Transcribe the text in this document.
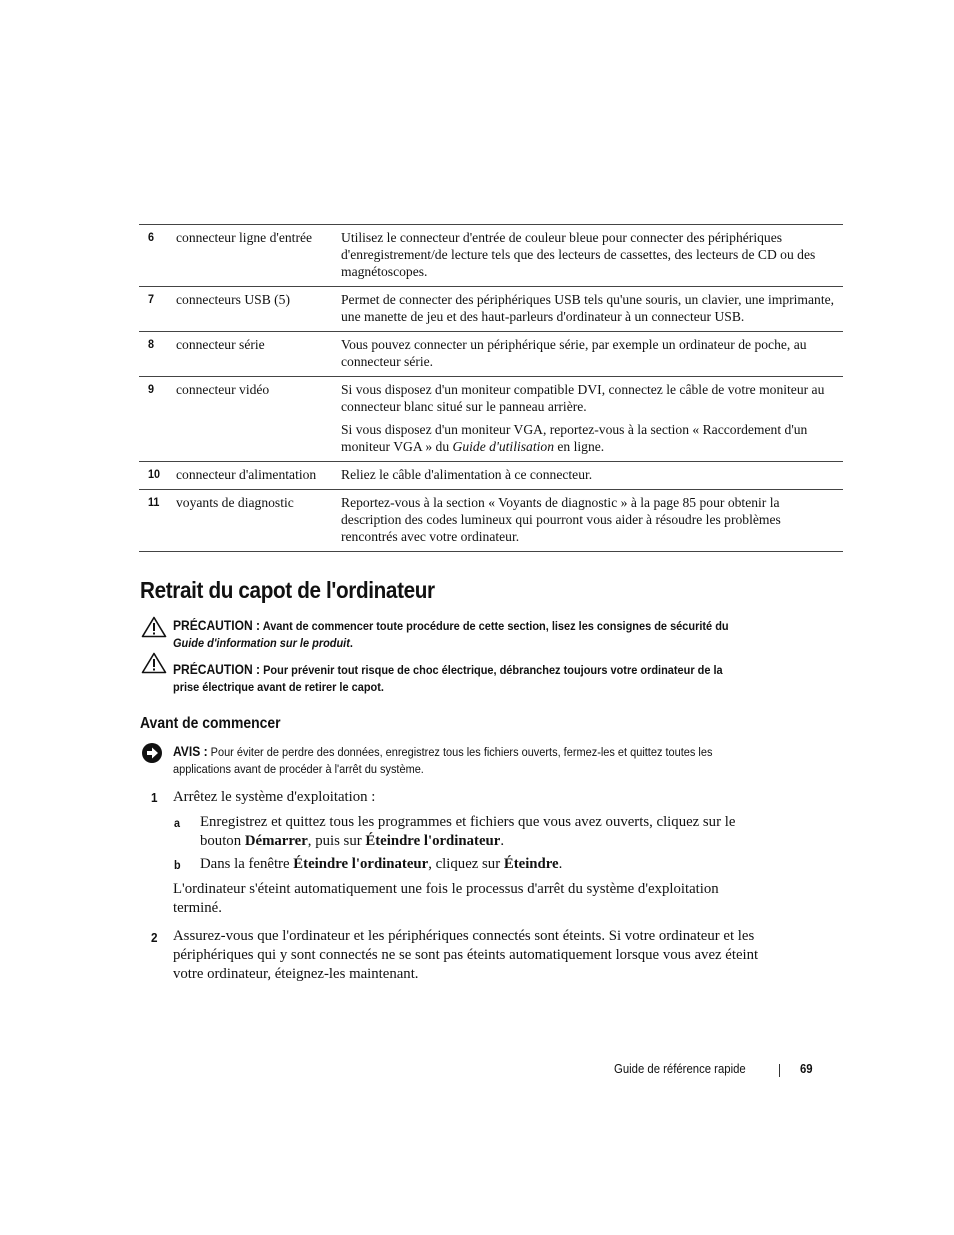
6	connecteur ligne d'entrée	Utilisez le connecteur d'entrée de couleur bleue pour connecter des périphériques d'enregistrement/de lecture tels que des lecteurs de cassettes, des lecteurs de CD ou des magnétoscopes.

7	connecteurs USB (5)	Permet de connecter des périphériques USB tels qu'une souris, un clavier, une imprimante, une manette de jeu et des haut-parleurs d'ordinateur à un connecteur USB.

8	connecteur série	Vous pouvez connecter un périphérique série, par exemple un ordinateur de poche, au connecteur série.

9	connecteur vidéo	Si vous disposez d'un moniteur compatible DVI, connectez le câble de votre moniteur au connecteur blanc situé sur le panneau arrière.

Si vous disposez d'un moniteur VGA, reportez-vous à la section « Raccordement d'un moniteur VGA » du Guide d'utilisation en ligne.

10	connecteur d'alimentation	Reliez le câble d'alimentation à ce connecteur.

11	voyants de diagnostic	Reportez-vous à la section « Voyants de diagnostic » à la page 85 pour obtenir la description des codes lumineux qui pourront vous aider à résoudre les problèmes rencontrés avec votre ordinateur.

Retrait du capot de l'ordinateur
PRÉCAUTION : Avant de commencer toute procédure de cette section, lisez les consignes de sécurité du Guide d'information sur le produit.
PRÉCAUTION : Pour prévenir tout risque de choc électrique, débranchez toujours votre ordinateur de la prise électrique avant de retirer le capot.
Avant de commencer
AVIS : Pour éviter de perdre des données, enregistrez tous les fichiers ouverts, fermez-les et quittez toutes les applications avant de procéder à l'arrêt du système.
1 Arrêtez le système d'exploitation :
a Enregistrez et quittez tous les programmes et fichiers que vous avez ouverts, cliquez sur le bouton Démarrer, puis sur Éteindre l'ordinateur.
b Dans la fenêtre Éteindre l'ordinateur, cliquez sur Éteindre.
L'ordinateur s'éteint automatiquement une fois le processus d'arrêt du système d'exploitation terminé.
2 Assurez-vous que l'ordinateur et les périphériques connectés sont éteints. Si votre ordinateur et les périphériques qui y sont connectés ne se sont pas éteints automatiquement lorsque vous avez éteint votre ordinateur, éteignez-les maintenant.
Guide de référence rapide	69
